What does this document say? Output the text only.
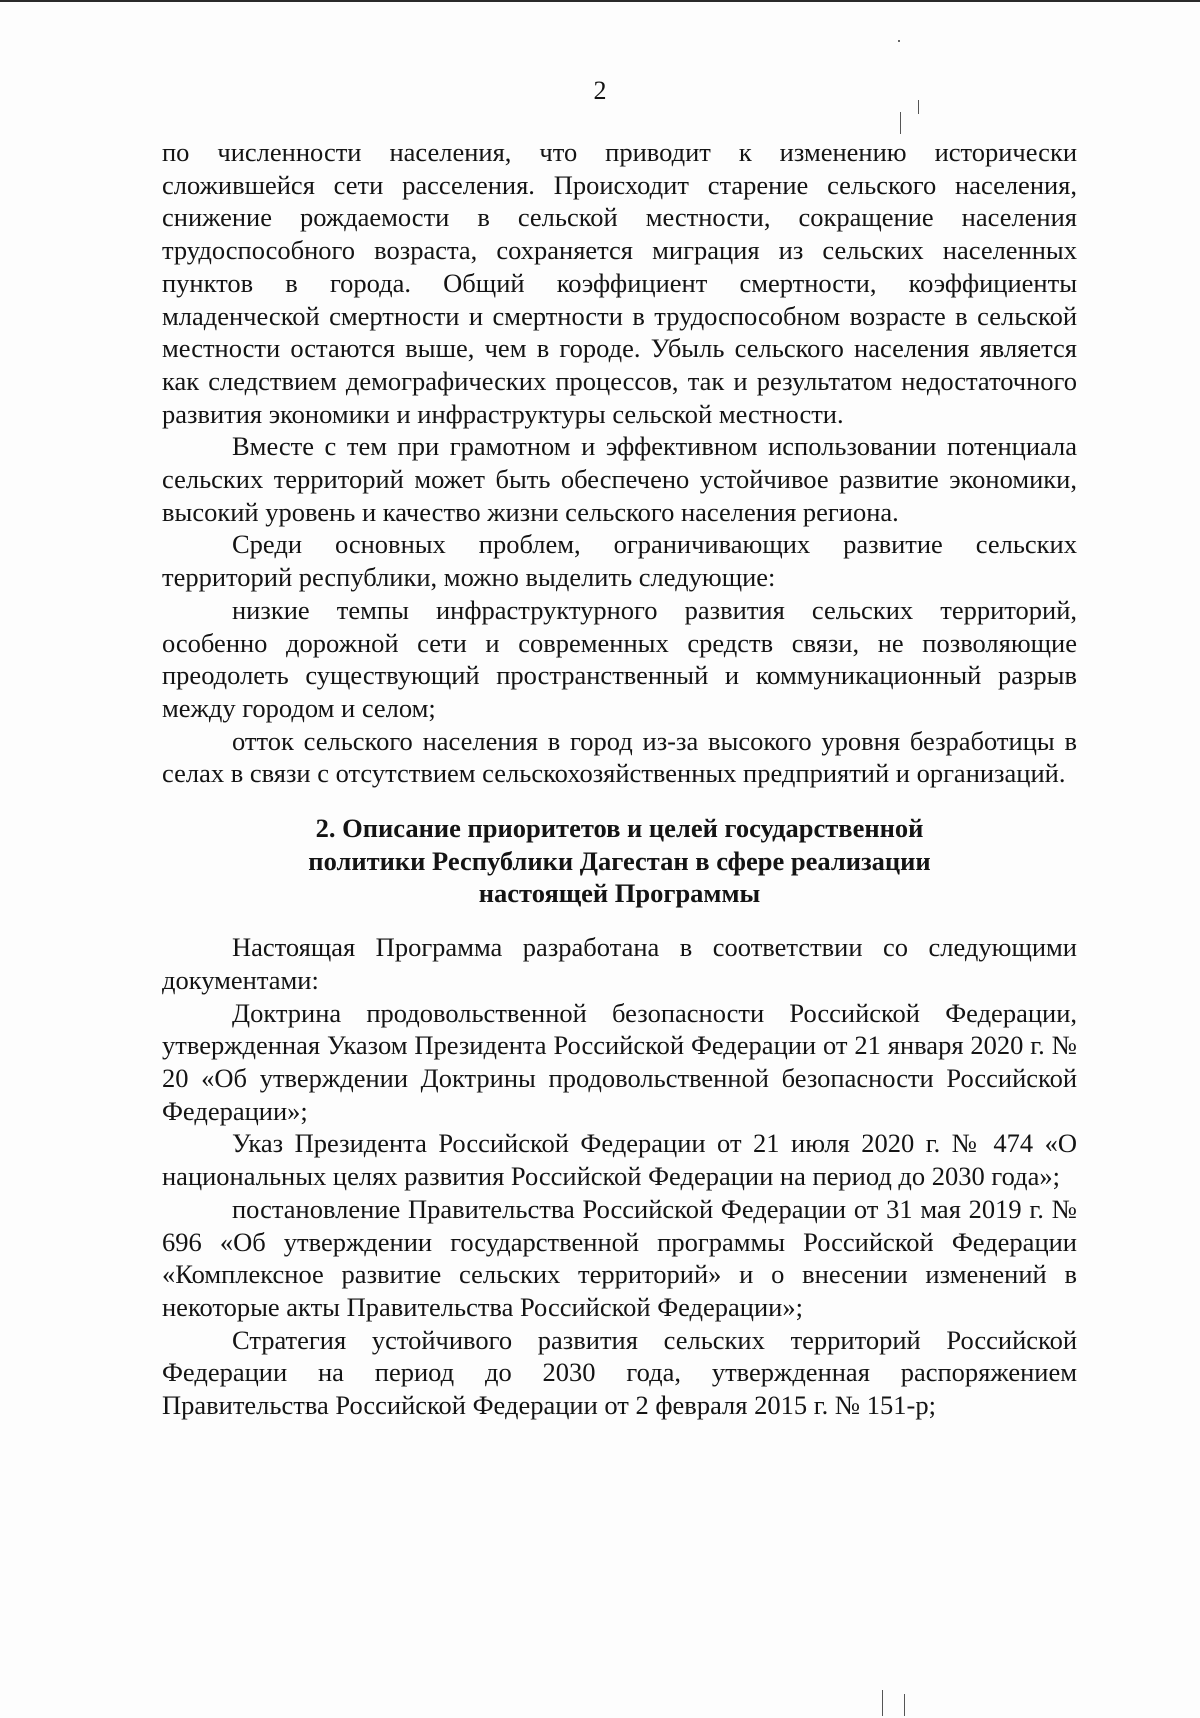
2

по численности населения, что приводит к изменению исторически сложившейся сети расселения. Происходит старение сельского населения, снижение рождаемости в сельской местности, сокращение населения трудоспособного возраста, сохраняется миграция из сельских населенных пунктов в города. Общий коэффициент смертности, коэффициенты младенческой смертности и смертности в трудоспособном возрасте в сельской местности остаются выше, чем в городе. Убыль сельского населения является как следствием демографических процессов, так и результатом недостаточного развития экономики и инфраструктуры сельской местности.

Вместе с тем при грамотном и эффективном использовании потенциала сельских территорий может быть обеспечено устойчивое развитие экономики, высокий уровень и качество жизни сельского населения региона.

Среди основных проблем, ограничивающих развитие сельских территорий республики, можно выделить следующие:

низкие темпы инфраструктурного развития сельских территорий, особенно дорожной сети и современных средств связи, не позволяющие преодолеть существующий пространственный и коммуникационный разрыв между городом и селом;

отток сельского населения в город из-за высокого уровня безработицы в селах в связи с отсутствием сельскохозяйственных предприятий и организаций.

2. Описание приоритетов и целей государственной политики Республики Дагестан в сфере реализации настоящей Программы

Настоящая Программа разработана в соответствии со следующими документами:

Доктрина продовольственной безопасности Российской Федерации, утвержденная Указом Президента Российской Федерации от 21 января 2020 г. № 20 «Об утверждении Доктрины продовольственной безопасности Российской Федерации»;

Указ Президента Российской Федерации от 21 июля 2020 г. № 474 «О национальных целях развития Российской Федерации на период до 2030 года»;

постановление Правительства Российской Федерации от 31 мая 2019 г. № 696 «Об утверждении государственной программы Российской Федерации «Комплексное развитие сельских территорий» и о внесении изменений в некоторые акты Правительства Российской Федерации»;

Стратегия устойчивого развития сельских территорий Российской Федерации на период до 2030 года, утвержденная распоряжением Правительства Российской Федерации от 2 февраля 2015 г. № 151-р;
